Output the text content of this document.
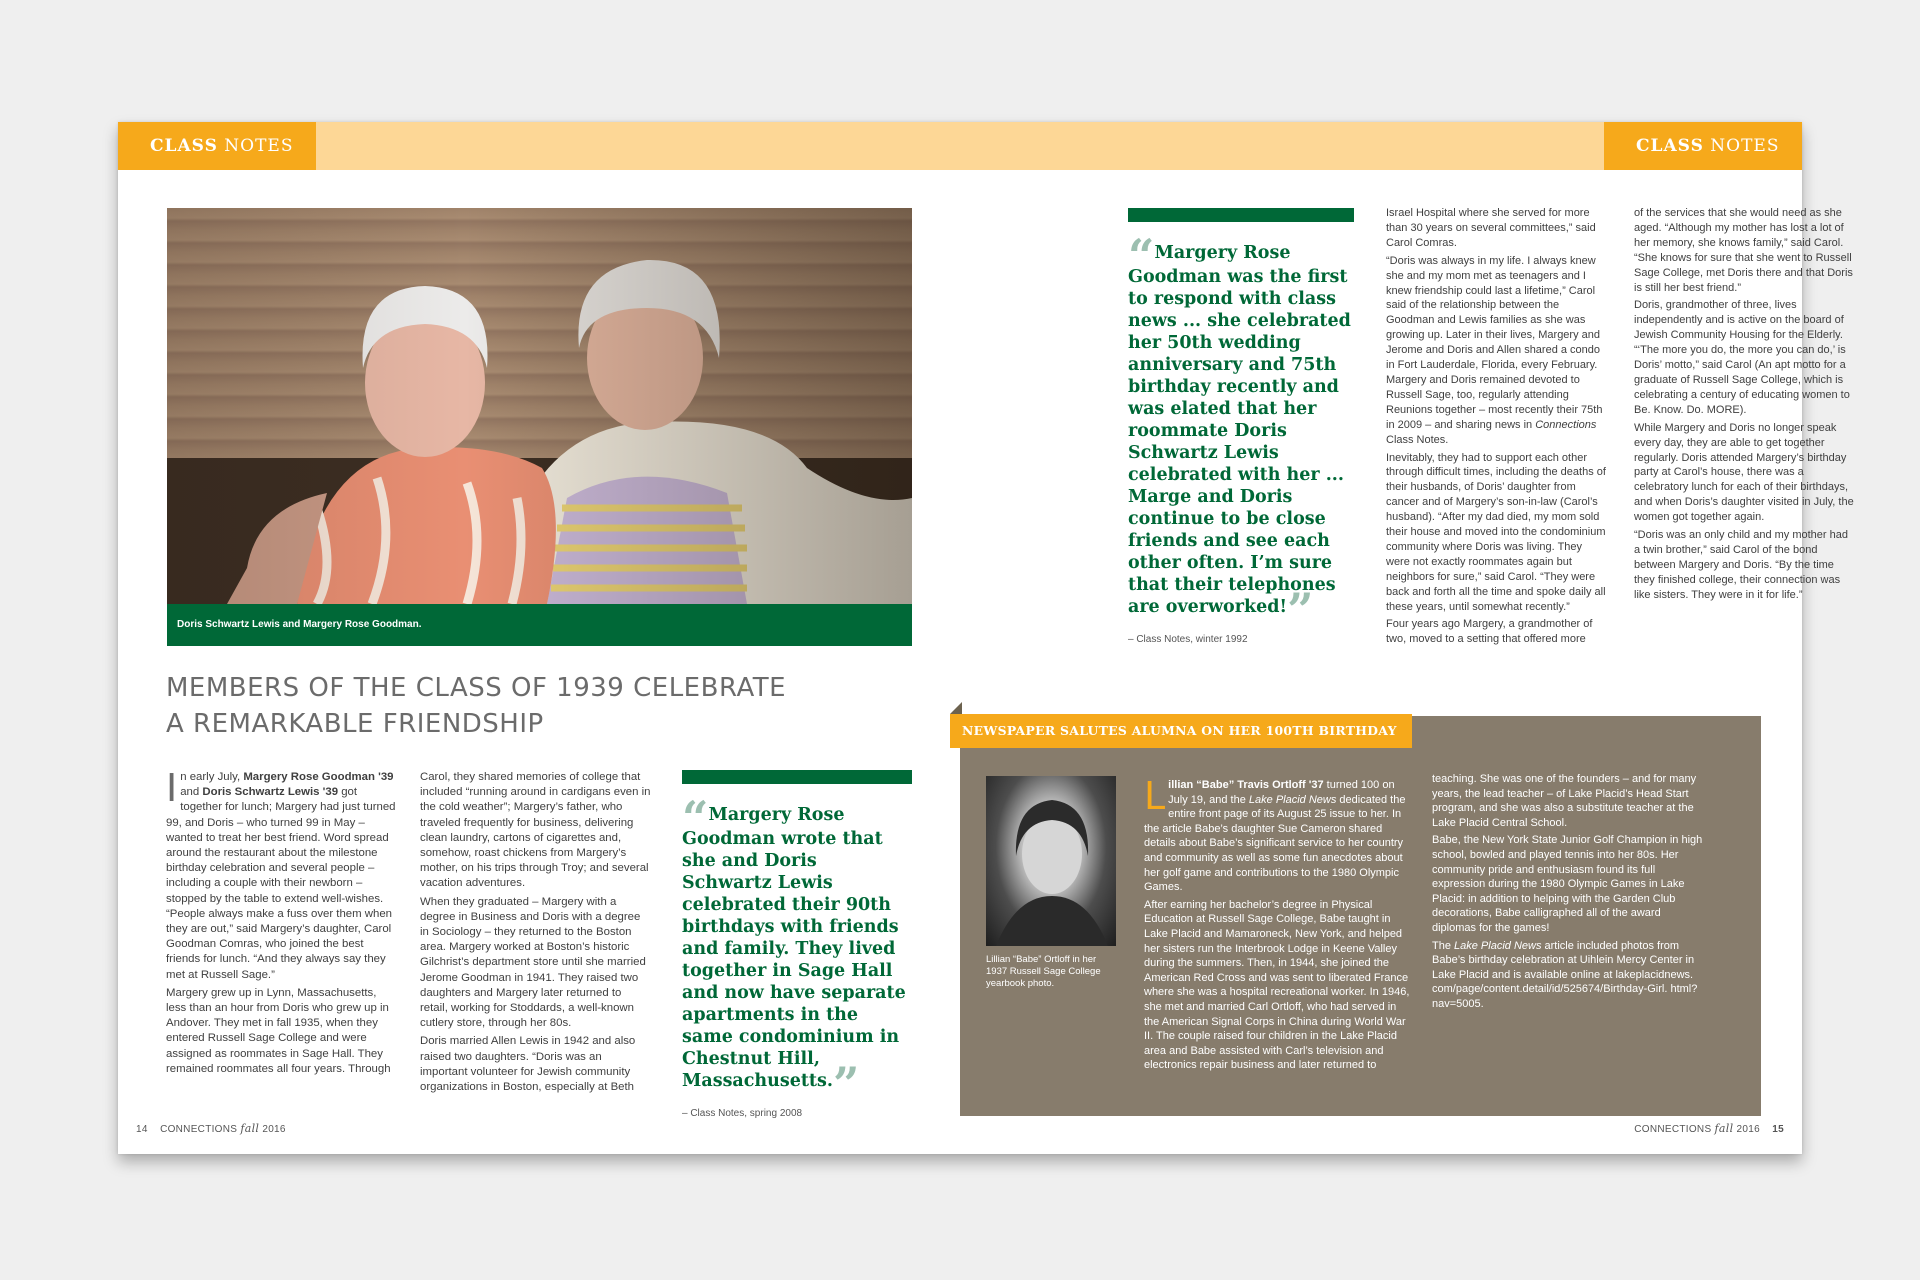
CLASS NOTES
Doris Schwartz Lewis and Margery Rose Goodman.
MEMBERS OF THE CLASS OF 1939 CELEBRATE
A REMARKABLE FRIENDSHIP

I n early July, Margery Rose Goodman '39 and Doris Schwartz Lewis '39 got together for lunch; Margery had just turned 99, and Doris – who turned 99 in May – wanted to treat her best friend. Word spread around the restaurant about the milestone birthday celebration and several people – including a couple with their newborn – stopped by the table to extend well-wishes. “People always make a fuss over them when they are out,” said Margery’s daughter, Carol Goodman Comras, who joined the best friends for lunch. “And they always say they met at Russell Sage.”

Margery grew up in Lynn, Massachusetts, less than an hour from Doris who grew up in Andover. They met in fall 1935, when they entered Russell Sage College and were assigned as roommates in Sage Hall. They remained roommates all four years. Through

Carol, they shared memories of college that included “running around in cardigans even in the cold weather”; Margery’s father, who traveled frequently for business, delivering clean laundry, cartons of cigarettes and, somehow, roast chickens from Margery’s mother, on his trips through Troy; and several vacation adventures.

When they graduated – Margery with a degree in Business and Doris with a degree in Sociology – they returned to the Boston area. Margery worked at Boston’s historic Gilchrist’s department store until she married Jerome Goodman in 1941. They raised two daughters and Margery later returned to retail, working for Stoddards, a well-known cutlery store, through her 80s.

Doris married Allen Lewis in 1942 and also raised two daughters. “Doris was an important volunteer for Jewish community organizations in Boston, especially at Beth

“Margery Rose Goodman wrote that she and Doris Schwartz Lewis celebrated their 90th birthdays with friends and family. They lived together in Sage Hall and now have separate apartments in the same condominium in Chestnut Hill, Massachusetts.”
– Class Notes, spring 2008
14 CONNECTIONS fall 2016
CLASS NOTES
“Margery Rose Goodman was the first to respond with class news ... she celebrated her 50th wedding anniversary and 75th birthday recently and was elated that her roommate Doris Schwartz Lewis celebrated with her ... Marge and Doris continue to be close friends and see each other often. I’m sure that their telephones are overworked!”
– Class Notes, winter 1992

Israel Hospital where she served for more than 30 years on several committees,” said Carol Comras.

“Doris was always in my life. I always knew she and my mom met as teenagers and I knew friendship could last a lifetime,” Carol said of the relationship between the Goodman and Lewis families as she was growing up. Later in their lives, Margery and Jerome and Doris and Allen shared a condo in Fort Lauderdale, Florida, every February. Margery and Doris remained devoted to Russell Sage, too, regularly attending Reunions together – most recently their 75th in 2009 – and sharing news in Connections Class Notes.

Inevitably, they had to support each other through difficult times, including the deaths of their husbands, of Doris’ daughter from cancer and of Margery’s son-in-law (Carol’s husband). “After my dad died, my mom sold their house and moved into the condominium community where Doris was living. They were not exactly roommates again but neighbors for sure,” said Carol. “They were back and forth all the time and spoke daily all these years, until somewhat recently.”

Four years ago Margery, a grandmother of two, moved to a setting that offered more

of the services that she would need as she aged. “Although my mother has lost a lot of her memory, she knows family,” said Carol. “She knows for sure that she went to Russell Sage College, met Doris there and that Doris is still her best friend.”

Doris, grandmother of three, lives independently and is active on the board of Jewish Community Housing for the Elderly. “‘The more you do, the more you can do,’ is Doris’ motto,” said Carol (An apt motto for a graduate of Russell Sage College, which is celebrating a century of educating women to Be. Know. Do. MORE).

While Margery and Doris no longer speak every day, they are able to get together regularly. Doris attended Margery’s birthday party at Carol’s house, there was a celebratory lunch for each of their birthdays, and when Doris’s daughter visited in July, the women got together again.

“Doris was an only child and my mother had a twin brother,” said Carol of the bond between Margery and Doris. “By the time they finished college, their connection was like sisters. They were in it for life.”

NEWSPAPER SALUTES ALUMNA ON HER 100TH BIRTHDAY
Lillian “Babe” Ortloff in her 1937 Russell Sage College yearbook photo.

L illian “Babe” Travis Ortloff '37 turned 100 on July 19, and the Lake Placid News dedicated the entire front page of its August 25 issue to her. In the article Babe’s daughter Sue Cameron shared details about Babe’s significant service to her country and community as well as some fun anecdotes about her golf game and contributions to the 1980 Olympic Games.

After earning her bachelor’s degree in Physical Education at Russell Sage College, Babe taught in Lake Placid and Mamaroneck, New York, and helped her sisters run the Interbrook Lodge in Keene Valley during the summers. Then, in 1944, she joined the American Red Cross and was sent to liberated France where she was a hospital recreational worker. In 1946, she met and married Carl Ortloff, who had served in the American Signal Corps in China during World War II. The couple raised four children in the Lake Placid area and Babe assisted with Carl’s television and electronics repair business and later returned to

teaching. She was one of the founders – and for many years, the lead teacher – of Lake Placid’s Head Start program, and she was also a substitute teacher at the Lake Placid Central School.

Babe, the New York State Junior Golf Champion in high school, bowled and played tennis into her 80s. Her community pride and enthusiasm found its full expression during the 1980 Olympic Games in Lake Placid: in addition to helping with the Garden Club decorations, Babe calligraphed all of the award diplomas for the games!

The Lake Placid News article included photos from Babe’s birthday celebration at Uihlein Mercy Center in Lake Placid and is available online at lakeplacidnews. com/page/content.detail/id/525674/Birthday-Girl. html?nav=5005.

CONNECTIONS fall 2016 15
